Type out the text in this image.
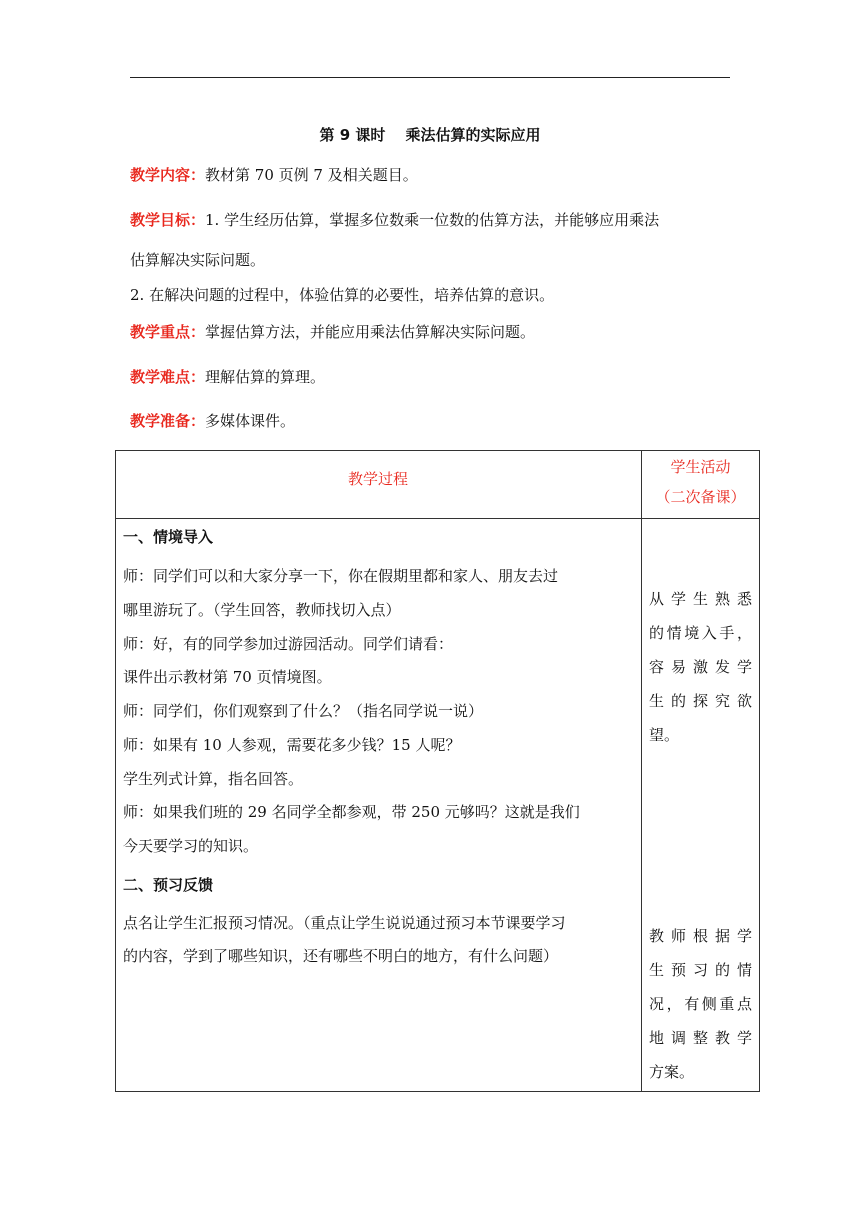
第 9 课时 乘法估算的实际应用
教学内容：教材第 70 页例 7 及相关题目。
教学目标：1. 学生经历估算，掌握多位数乘一位数的估算方法，并能够应用乘法
估算解决实际问题。
2. 在解决问题的过程中，体验估算的必要性，培养估算的意识。
教学重点：掌握估算方法，并能应用乘法估算解决实际问题。
教学难点：理解估算的算理。
教学准备：多媒体课件。
教学过程
学生活动
（二次备课）
一、情境导入
师：同学们可以和大家分享一下，你在假期里都和家人、朋友去过
哪里游玩了。（学生回答，教师找切入点）
师：好，有的同学参加过游园活动。同学们请看：
课件出示教材第 70 页情境图。
师：同学们，你们观察到了什么？（指名同学说一说）
师：如果有 10 人参观，需要花多少钱？15 人呢？
学生列式计算，指名回答。
师：如果我们班的 29 名同学全都参观，带 250 元够吗？这就是我们
今天要学习的知识。
二、预习反馈
点名让学生汇报预习情况。（重点让学生说说通过预习本节课要学习
的内容，学到了哪些知识，还有哪些不明白的地方，有什么问题）
从学生熟悉
的情境入手，
容易激发学
生的探究欲
望。
教师根据学
生预习的情
况，有侧重点
地调整教学
方案。
